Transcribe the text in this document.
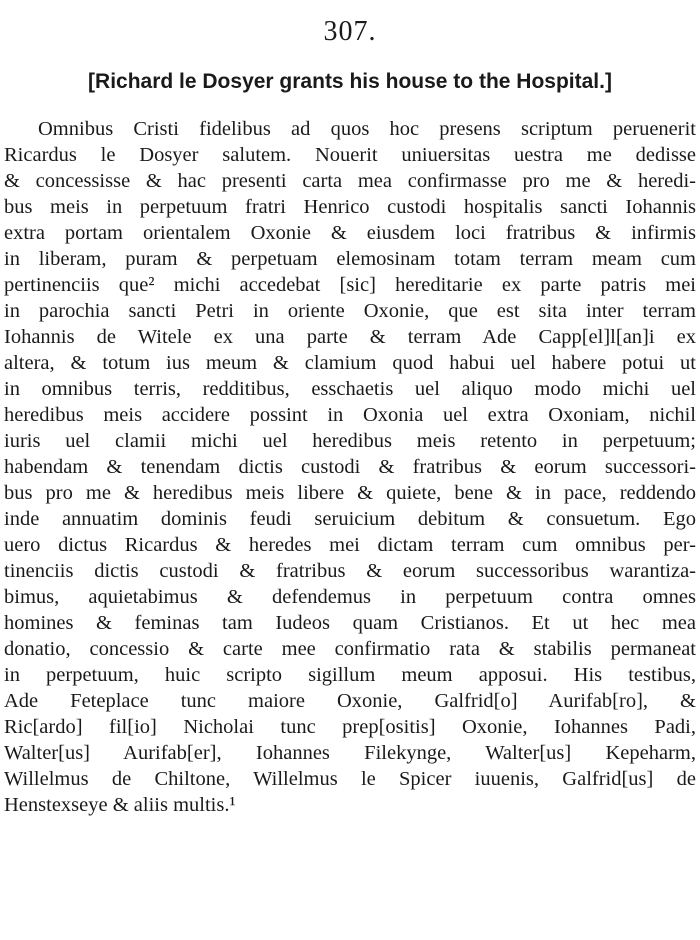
307.
[Richard le Dosyer grants his house to the Hospital.]
Omnibus Cristi fidelibus ad quos hoc presens scriptum peruenerit
Ricardus le Dosyer salutem. Nouerit uniuersitas uestra me dedisse
& concessisse & hac presenti carta mea confirmasse pro me & heredi-
bus meis in perpetuum fratri Henrico custodi hospitalis sancti Iohannis
extra portam orientalem Oxonie & eiusdem loci fratribus & infirmis
in liberam, puram & perpetuam elemosinam totam terram meam cum
pertinenciis que² michi accedebat [sic] hereditarie ex parte patris mei
in parochia sancti Petri in oriente Oxonie, que est sita inter terram
Iohannis de Witele ex una parte & terram Ade Capp[el]l[an]i ex
altera, & totum ius meum & clamium quod habui uel habere potui ut
in omnibus terris, redditibus, esschaetis uel aliquo modo michi uel
heredibus meis accidere possint in Oxonia uel extra Oxoniam, nichil
iuris uel clamii michi uel heredibus meis retento in perpetuum;
habendam & tenendam dictis custodi & fratribus & eorum successori-
bus pro me & heredibus meis libere & quiete, bene & in pace, reddendo
inde annuatim dominis feudi seruicium debitum & consuetum. Ego
uero dictus Ricardus & heredes mei dictam terram cum omnibus per-
tinenciis dictis custodi & fratribus & eorum successoribus warantiza-
bimus, aquietabimus & defendemus in perpetuum contra omnes
homines & feminas tam Iudeos quam Cristianos. Et ut hec mea
donatio, concessio & carte mee confirmatio rata & stabilis permaneat
in perpetuum, huic scripto sigillum meum apposui. His testibus,
Ade Feteplace tunc maiore Oxonie, Galfrid[o] Aurifab[ro], &
Ric[ardo] fil[io] Nicholai tunc prep[ositis] Oxonie, Iohannes Padi,
Walter[us] Aurifab[er], Iohannes Filekynge, Walter[us] Kepeharm,
Willelmus de Chiltone, Willelmus le Spicer iuuenis, Galfrid[us] de
Henstexseye & aliis multis.¹
